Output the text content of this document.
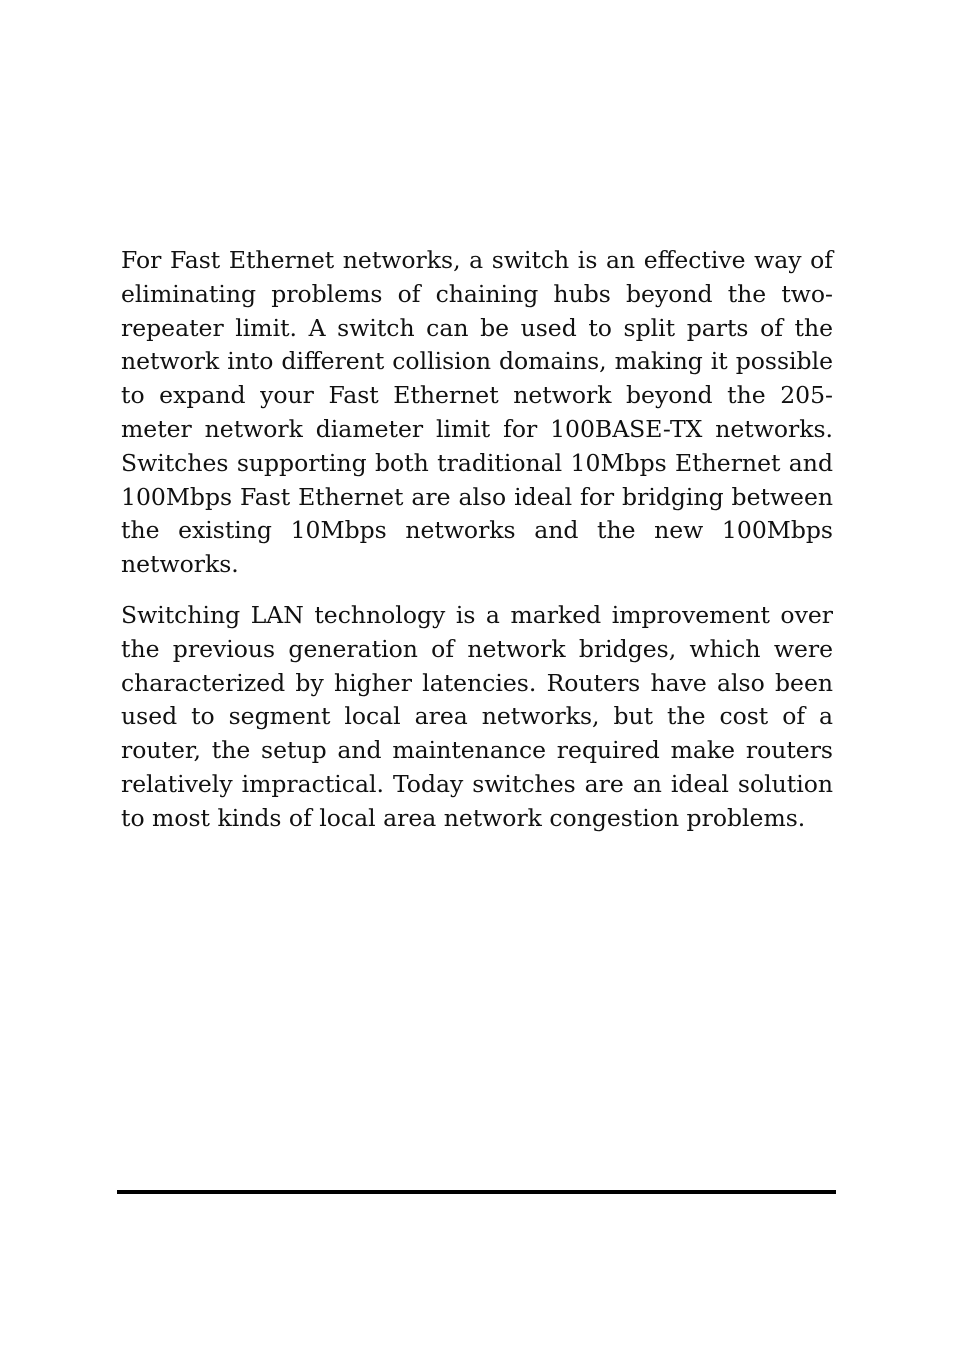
For Fast Ethernet networks, a switch is an effective way of eliminating problems of chaining hubs beyond the two-repeater limit. A switch can be used to split parts of the network into different collision domains, making it possible to expand your Fast Ethernet network beyond the 205-meter network diameter limit for 100BASE-TX networks. Switches supporting both traditional 10Mbps Ethernet and 100Mbps Fast Ethernet are also ideal for bridging between the existing 10Mbps networks and the new 100Mbps networks.

Switching LAN technology is a marked improvement over the previous generation of network bridges, which were characterized by higher latencies. Routers have also been used to segment local area networks, but the cost of a router, the setup and maintenance required make routers relatively impractical. Today switches are an ideal solution to most kinds of local area network congestion problems.
